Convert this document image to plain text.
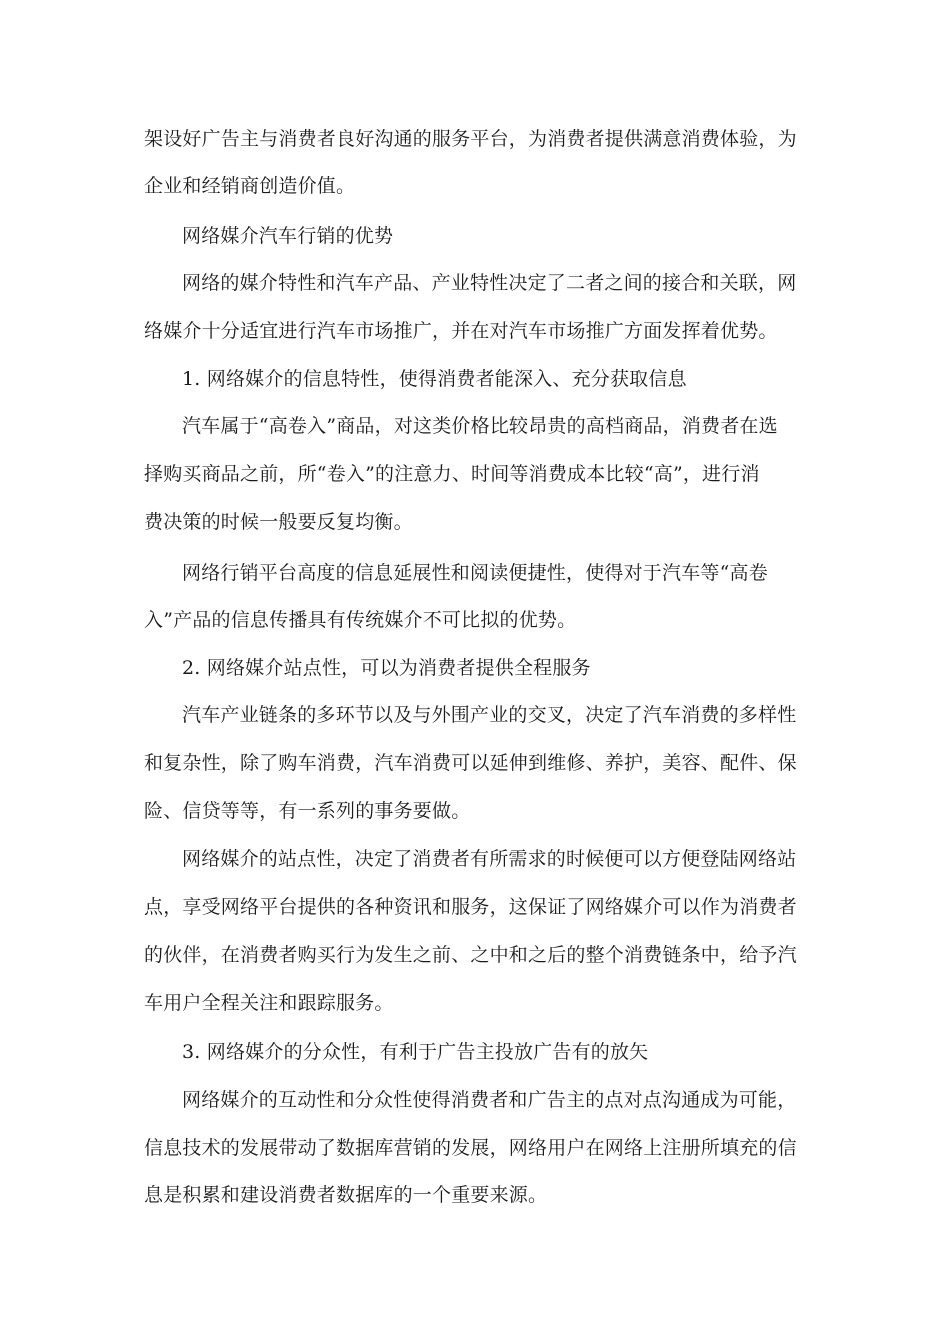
架设好广告主与消费者良好沟通的服务平台，为消费者提供满意消费体验，为
企业和经销商创造价值。
网络媒介汽车行销的优势
网络的媒介特性和汽车产品、产业特性决定了二者之间的接合和关联，网
络媒介十分适宜进行汽车市场推广，并在对汽车市场推广方面发挥着优势。
1. 网络媒介的信息特性，使得消费者能深入、充分获取信息
汽车属于“高卷入”商品，对这类价格比较昂贵的高档商品，消费者在选
择购买商品之前，所“卷入”的注意力、时间等消费成本比较“高”，进行消
费决策的时候一般要反复均衡。
网络行销平台高度的信息延展性和阅读便捷性，使得对于汽车等“高卷
入”产品的信息传播具有传统媒介不可比拟的优势。
2. 网络媒介站点性，可以为消费者提供全程服务
汽车产业链条的多环节以及与外围产业的交叉，决定了汽车消费的多样性
和复杂性，除了购车消费，汽车消费可以延伸到维修、养护，美容、配件、保
险、信贷等等，有一系列的事务要做。
网络媒介的站点性，决定了消费者有所需求的时候便可以方便登陆网络站
点，享受网络平台提供的各种资讯和服务，这保证了网络媒介可以作为消费者
的伙伴，在消费者购买行为发生之前、之中和之后的整个消费链条中，给予汽
车用户全程关注和跟踪服务。
3. 网络媒介的分众性，有利于广告主投放广告有的放矢
网络媒介的互动性和分众性使得消费者和广告主的点对点沟通成为可能，
信息技术的发展带动了数据库营销的发展，网络用户在网络上注册所填充的信
息是积累和建设消费者数据库的一个重要来源。
